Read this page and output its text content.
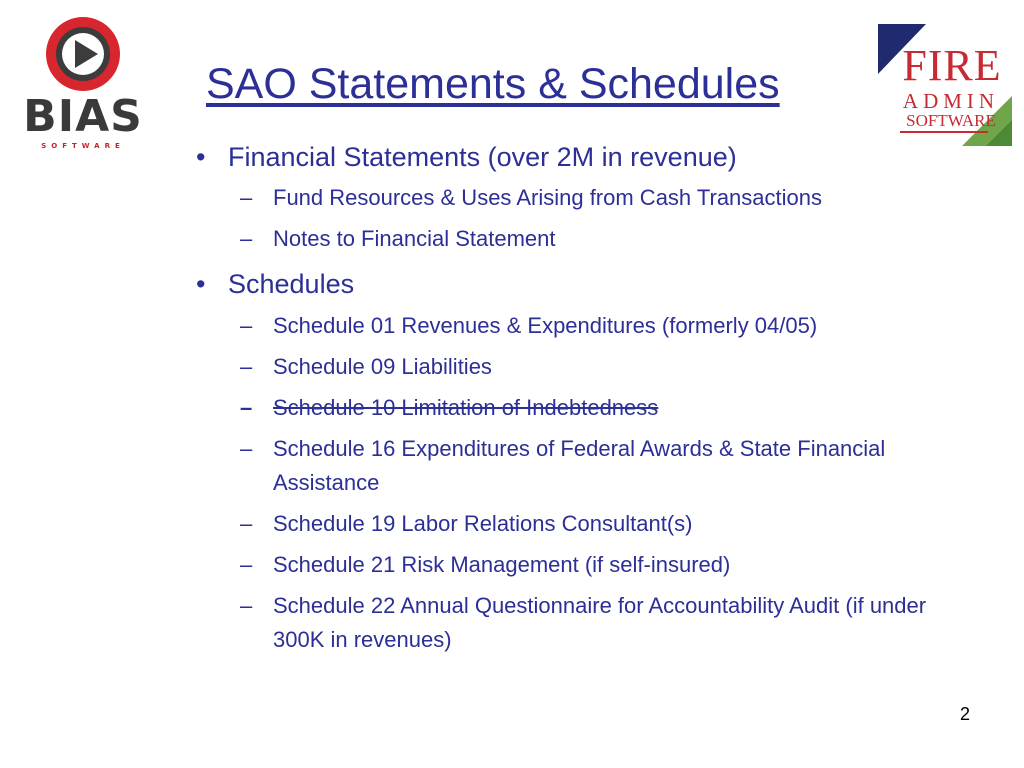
BIAS
SOFTWARE
FIRE
ADMIN
SOFTWARE
SAO Statements & Schedules
• Financial Statements (over 2M in revenue)
– Fund Resources & Uses Arising from Cash Transactions
– Notes to Financial Statement
• Schedules
– Schedule 01 Revenues & Expenditures (formerly 04/05)
– Schedule 09 Liabilities
– Schedule 10 Limitation of Indebtedness
– Schedule 16 Expenditures of Federal Awards & State Financial Assistance
– Schedule 19 Labor Relations Consultant(s)
– Schedule 21 Risk Management (if self-insured)
– Schedule 22 Annual Questionnaire for Accountability Audit (if under 300K in revenues)
2
